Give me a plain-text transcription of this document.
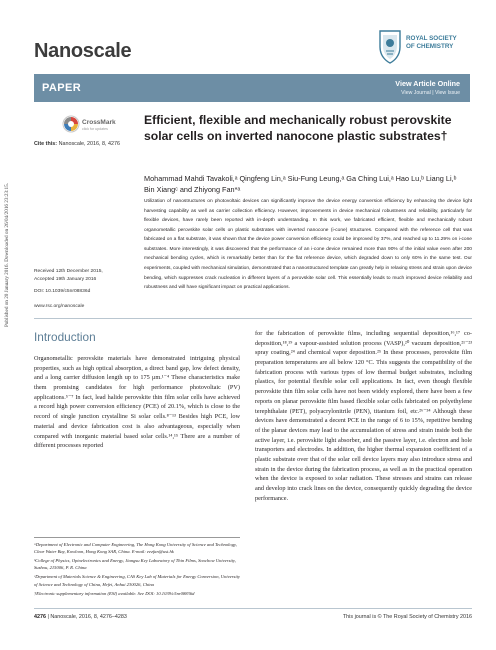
Published on 20 January 2016. Downloaded on 26/04/2016 23:23:15.
Nanoscale
ROYAL SOCIETY
OF CHEMISTRY
PAPER	View Article Online
View Journal | View Issue
CrossMark
click for updates
Cite this: Nanoscale, 2016, 8, 4276
Efficient, flexible and mechanically robust perovskite solar cells on inverted nanocone plastic substrates†
Mohammad Mahdi Tavakoli,ᵃ Qingfeng Lin,ᵃ Siu-Fung Leung,ᵃ Ga Ching Lui,ᵃ Hao Lu,ᵇ Liang Li,ᵇ Bin Xiangᶜ and Zhiyong Fan*ᵃ
Utilization of nanostructures on photovoltaic devices can significantly improve the device energy conversion efficiency by enhancing the device light harvesting capability as well as carrier collection efficiency. However, improvements in device mechanical robustness and reliability, particularly for flexible devices, have rarely been reported with in-depth understanding. In this work, we fabricated efficient, flexible and mechanically robust organometallic perovskite solar cells on plastic substrates with inverted nanocone (i-cone) structures. Compared with the reference cell that was fabricated on a flat substrate, it was shown that the device power conversion efficiency could be improved by 37%, and reached up to 11.29% on i-cone substrates. More interestingly, it was discovered that the performance of an i-cone device remained more than 90% of the initial value even after 200 mechanical bending cycles, which is remarkably better than for the flat reference device, which degraded down to only 60% in the same test. Our experiments, coupled with mechanical simulation, demonstrated that a nanostructured template can greatly help in relaxing stress and strain upon device bending, which suppresses crack nucleation in different layers of a perovskite solar cell. This essentially leads to much improved device reliability and robustness and will have significant impact on practical applications.
Received 12th December 2015,
Accepted 19th January 2016
DOI: 10.1039/c5nr08836d
www.rsc.org/nanoscale
Introduction
Organometallic perovskite materials have demonstrated intriguing physical properties, such as high optical absorption, a direct band gap, low defect density, and a long carrier diffusion length up to 175 μm.¹⁻⁴ These characteristics make them promising candidates for high performance photovoltaic (PV) applications.⁵⁻⁷ In fact, lead halide perovskite thin film solar cells have achieved a record high power conversion efficiency (PCE) of 20.1%, which is close to the record of single junction crystalline Si solar cells.⁸⁻¹³ Besides high PCE, low material and device fabrication cost is also advantageous, especially when compared with inorganic material based solar cells.¹⁴,¹⁵ There are a number of different processes reported
for the fabrication of perovskite films, including sequential deposition,¹⁶,¹⁷ co-deposition,¹⁸,¹⁹ a vapour-assisted solution process (VASP),²⁰ vacuum deposition,²¹⁻²³ spray coating,²⁴ and chemical vapor deposition.²⁵ In these processes, perovskite film preparation temperatures are all below 120 °C. This suggests the compatibility of the fabrication process with various types of low thermal budget substrates, including plastics, for potential flexible solar cell applications. In fact, even though flexible perovskite thin film solar cells have not been widely explored, there have been a few reports on planar perovskite film based flexible solar cells fabricated on polyethylene terephthalate (PET), polyacrylonitrile (PEN), titanium foil, etc.²⁶⁻³⁴ Although these devices have demonstrated a decent PCE in the range of 6 to 15%, repetitive bending of the planar devices may lead to the accumulation of stress and strain inside both the active layer, i.e. perovskite light absorber, and the passive layer, i.e. electron and hole transporters and electrodes. In addition, the higher thermal expansion coefficient of a plastic substrate over that of the solar cell device layers may also introduce stress and strain in the device during the fabrication process, as well as in the practical operation when the device is exposed to solar radiation. These stresses and strains can release and develop into crack lines on the device, consequently quickly degrading the device performance.

ᵃDepartment of Electronic and Computer Engineering, The Hong Kong University of Science and Technology, Clear Water Bay, Kowloon, Hong Kong SAR, China. E-mail: eezfan@ust.hk

ᵇCollege of Physics, Optoelectronics and Energy, Jiangsu Key Laboratory of Thin Films, Soochow University, Suzhou, 215006, P. R. China

ᶜDepartment of Materials Science & Engineering, CAS Key Lab of Materials for Energy Conversion, University of Science and Technology of China, Hefei, Anhui 230026, China

†Electronic supplementary information (ESI) available. See DOI: 10.1039/c5nr08836d

4276 | Nanoscale, 2016, 8, 4276–4283	This journal is © The Royal Society of Chemistry 2016
